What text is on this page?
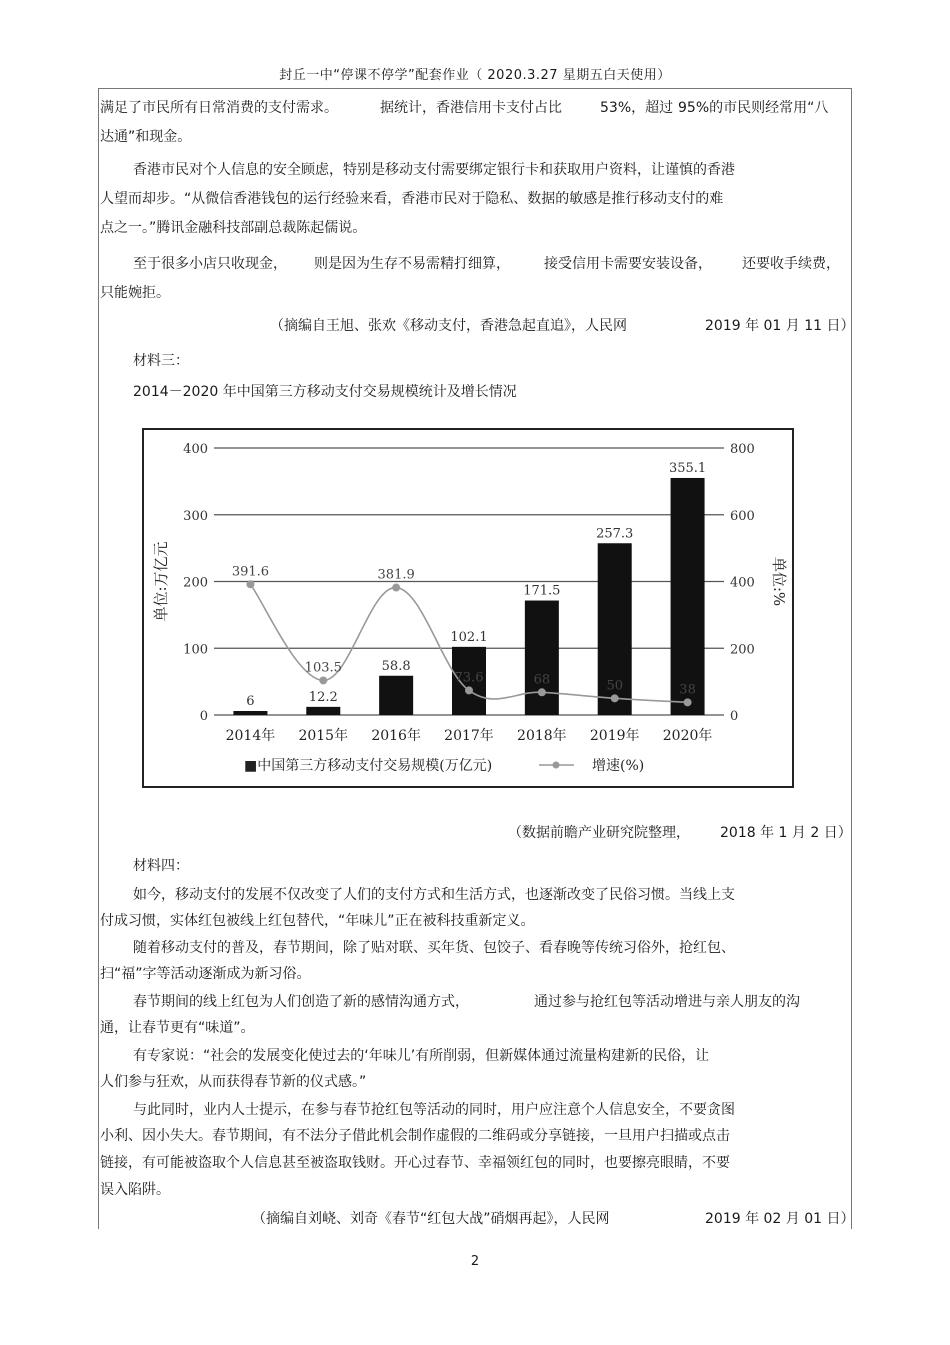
封丘一中“停课不停学”配套作业（ 2020.3.27 星期五白天使用）
满足了市民所有日常消费的支付需求。	据统计，香港信用卡支付占比	53%，超过 95%的市民则经常用“八
达通”和现金。
香港市民对个人信息的安全顾虑，特别是移动支付需要绑定银行卡和获取用户资料，让谨慎的香港
人望而却步。“从微信香港钱包的运行经验来看，香港市民对于隐私、数据的敏感是推行移动支付的难
点之一。”腾讯金融科技部副总裁陈起儒说。
至于很多小店只收现金， 则是因为生存不易需精打细算， 接受信用卡需要安装设备， 还要收手续费，
只能婉拒。
（摘编自王旭、张欢《移动支付，香港急起直追》，人民网	2019 年 01 月 11 日）
材料三：
2014－2020 年中国第三方移动支付交易规模统计及增长情况
0
100
200
300
400
0
200
400
600
800
单位:万亿元	单位:%
6	12.2
58.8
102.1
171.5
257.3
355.1
2014年 2015年 2016年 2017年 2018年 2019年 2020年
391.6
103.5
381.9
73.6	68	50	38
■中国第三方移动支付交易规模(万亿元)	增速(%)
（数据前瞻产业研究院整理， 2018 年 1 月 2 日）
材料四：
如今，移动支付的发展不仅改变了人们的支付方式和生活方式，也逐渐改变了民俗习惯。当线上支
付成习惯，实体红包被线上红包替代，“年味儿”正在被科技重新定义。
随着移动支付的普及，春节期间，除了贴对联、买年货、包饺子、看春晚等传统习俗外，抢红包、
扫“福”字等活动逐渐成为新习俗。
春节期间的线上红包为人们创造了新的感情沟通方式，	通过参与抢红包等活动增进与亲人朋友的沟
通，让春节更有“味道”。
有专家说：“社会的发展变化使过去的‘年味儿’有所削弱，但新媒体通过流量构建新的民俗，让
人们参与狂欢，从而获得春节新的仪式感。”
与此同时，业内人士提示，在参与春节抢红包等活动的同时，用户应注意个人信息安全，不要贪图
小利、因小失大。春节期间，有不法分子借此机会制作虚假的二维码或分享链接，一旦用户扫描或点击
链接，有可能被盗取个人信息甚至被盗取钱财。开心过春节、幸福领红包的同时，也要擦亮眼睛，不要
误入陷阱。
（摘编自刘峣、刘奇《春节“红包大战”硝烟再起》，人民网	2019 年 02 月 01 日）
2
